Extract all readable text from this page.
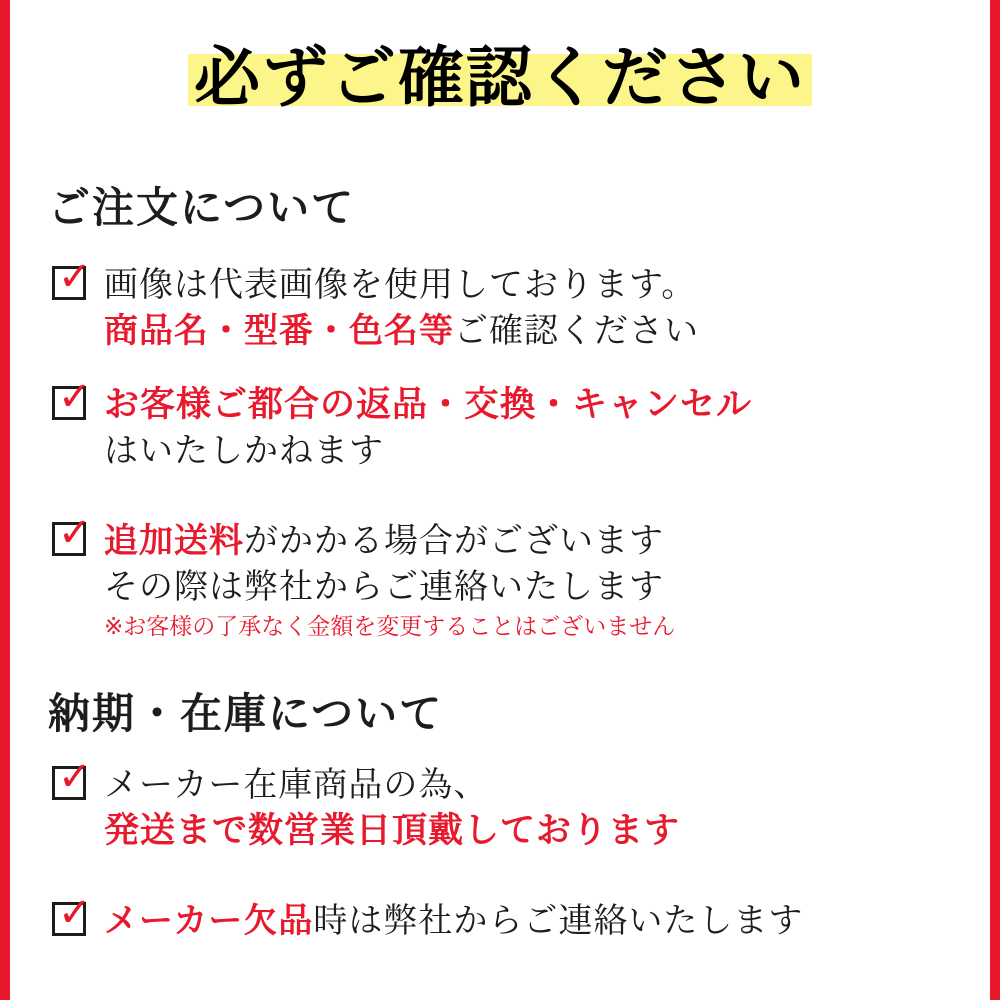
必ずご確認ください
ご注文について
✓ 画像は代表画像を使用しております。
商品名・型番・色名等ご確認ください
✓ お客様ご都合の返品・交換・キャンセル
はいたしかねます
✓ 追加送料がかかる場合がございます
その際は弊社からご連絡いたします
※お客様の了承なく金額を変更することはございません
納期・在庫について
✓ メーカー在庫商品の為、
発送まで数営業日頂戴しております
✓ メーカー欠品時は弊社からご連絡いたします
